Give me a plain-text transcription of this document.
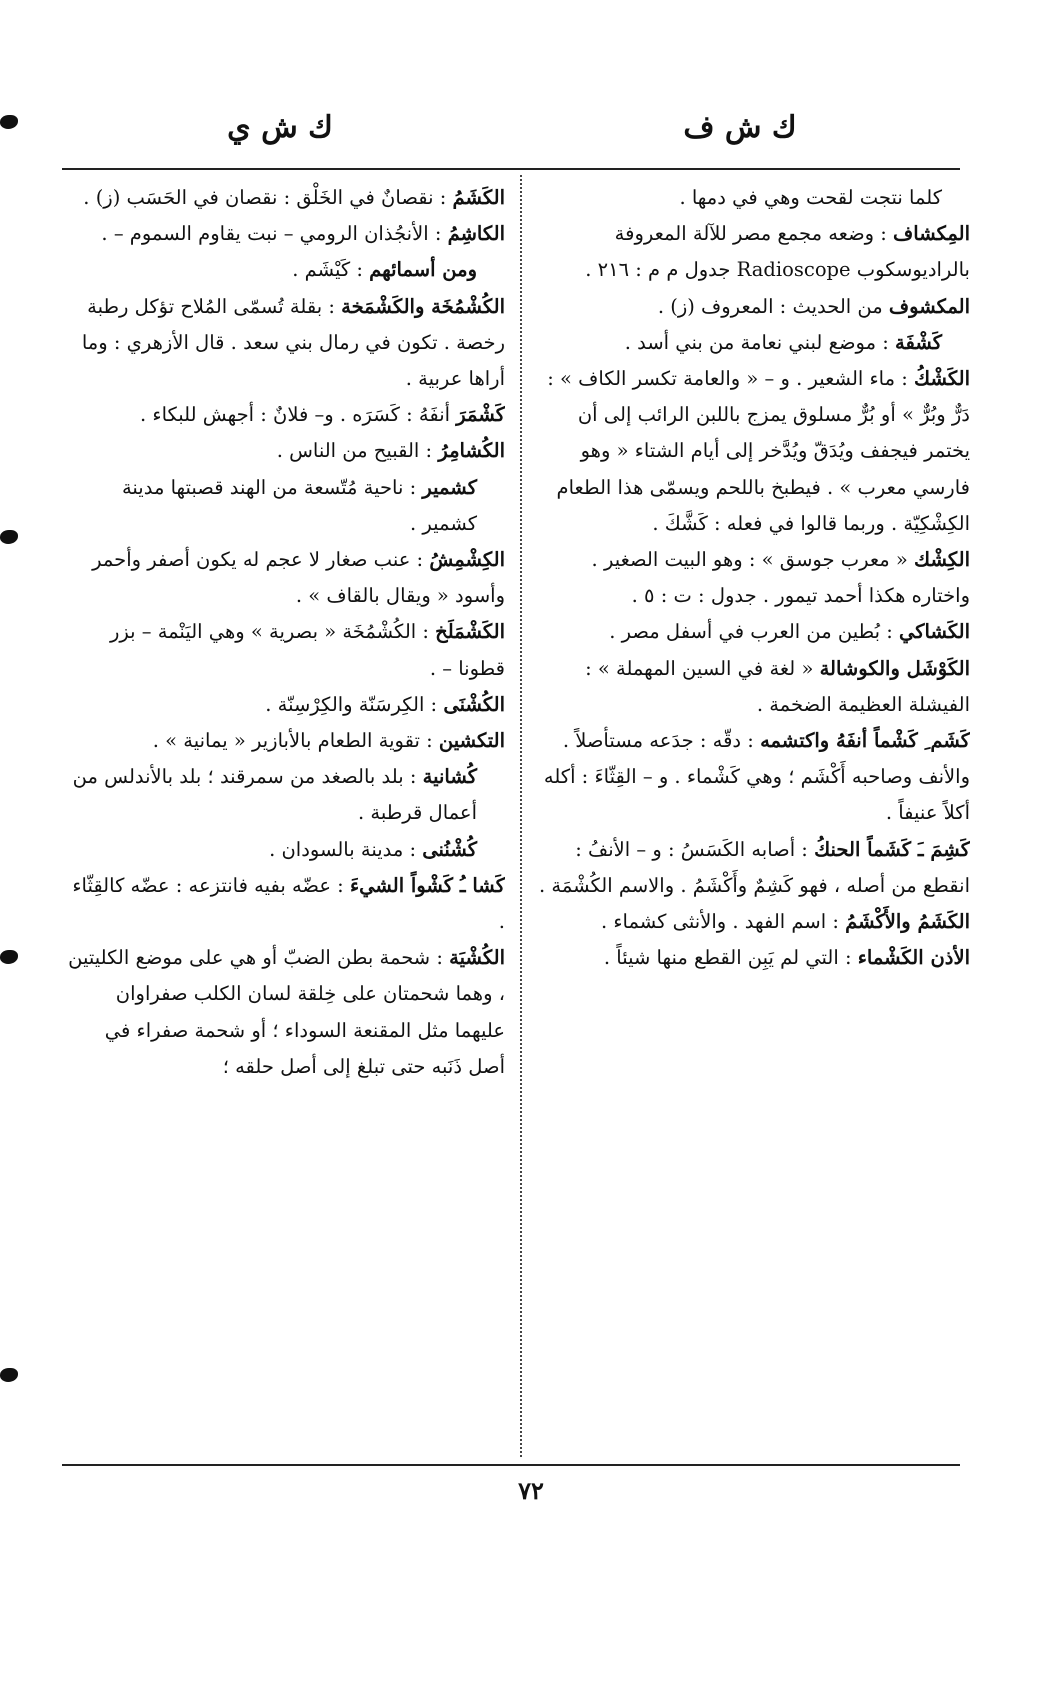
ك ش ف
ك ش ي

كلما نتجت لقحت وهي في دمها .

المِكشاف : وضعه مجمع مصر للآلة المعروفة بالراديوسكوب Radioscope جدول م م : ٢١٦ .

المكشوف من الحديث : المعروف (ز) .

كَشْفَة : موضع لبني نعامة من بني أسد .

الكَشْكُ : ماء الشعير . و – « والعامة تكسر الكاف » : دَرٌّ وبُرٌّ » أو بُرٌّ مسلوق يمزج باللبن الرائب إلى أن يختمر فيجفف ويُدَقّ ويُدَّخر إلى أيام الشتاء « وهو فارسي معرب » . فيطبخ باللحم ويسمّى هذا الطعام الكِشْكِيّة . وربما قالوا في فعله : كَشَّكَ .

الكِشْك « معرب جوسق » : وهو البيت الصغير . واختاره هكذا أحمد تيمور . جدول : ت : ٥ .

الكَشاكي : بُطين من العرب في أسفل مصر .

الكَوْشَل والكوشالة « لغة في السين المهملة » : الفيشلة العظيمة الضخمة .

كَشَم ِ كَشْماً أنفَهُ واكتشمه : دقّه : جدَعه مستأصلاً . والأنف وصاحبه أَكْشَم ؛ وهي كَشْماء . و – القِثّاءَ : أكله أكلاً عنيفاً .

كَشِمَ ـَ كَشَماً الحنكُ : أصابه الكَسَسُ : و – الأنفُ : انقطع من أصله ، فهو كَشِمٌ وأَكْشَمُ . والاسم الكُشْمَة .

الكَشَمُ والأَكْشَمُ : اسم الفهد . والأنثى كشماء .

الأذن الكَشْماء : التي لم يَبِن القطع منها شيئاً .

الكَشَمُ : نقصانٌ في الخَلْق : نقصان في الحَسَب (ز) .

الكاشِمُ : الأنجُذان الرومي – نبت يقاوم السموم – .

ومن أسمائهم : كَيْشَم .

الكُشْمُخَة والكَشْمَخة : بقلة تُسمّى المُلاح تؤكل رطبة رخصة . تكون في رمال بني سعد . قال الأزهري : وما أراها عربية .

كَشْمَرَ أنفَهُ : كَسَرَه . و– فلانٌ : أجهش للبكاء .

الكُشامِرُ : القبيح من الناس .

كشمير : ناحية مُتّسعة من الهند قصبتها مدينة كشمير .

الكِشْمِشُ : عنب صغار لا عجم له يكون أصفر وأحمر وأسود « ويقال بالقاف » .

الكَشْمَلَخ : الكُشْمُخَة « بصرية » وهي اليَنْمة – بزر قطونا – .

الكُشْنَى : الكِرسَنّة والكِرْسِنّة .

التكشين : تقوية الطعام بالأبازير « يمانية » .

كُشانية : بلد بالصغد من سمرقند ؛ بلد بالأندلس من أعمال قرطبة .

كُشْنُنى : مدينة بالسودان .

كَشا ـُ كَشْواً الشيءَ : عضّه بفيه فانتزعه : عضّه كالقِثّاء .

الكُشْيَة : شحمة بطن الضبّ أو هي على موضع الكليتين ، وهما شحمتان على خِلقة لسان الكلب صفراوان عليهما مثل المقنعة السوداء ؛ أو شحمة صفراء في أصل ذَنَبه حتى تبلغ إلى أصل حلقه ؛

٧٢
